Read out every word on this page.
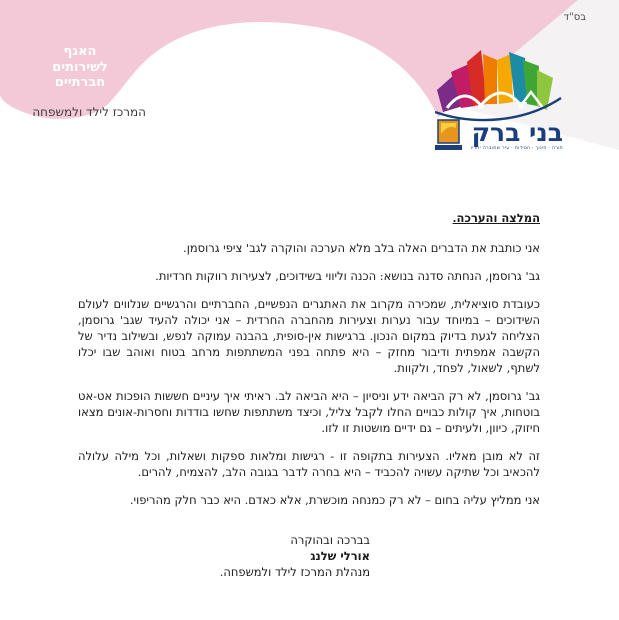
האגף
לשירותים
חברתיים
המרכז לילד ולמשפחה
בס"ד
בני ברק
תורה · חינוך · חסידות · עיר שחוברה יחדיו
המלצה והערכה.

אני כותבת את הדברים האלה בלב מלא הערכה והוקרה לגב' ציפי גרוסמן.

גב' גרוסמן, הנחתה סדנה בנושא: הכנה וליווי בשידוכים, לצעירות רווקות חרדיות.

כעובדת סוציאלית, שמכירה מקרוב את האתגרים הנפשיים, החברתיים והרגשיים שנלווים לעולם השידוכים – במיוחד עבור נערות וצעירות מהחברה החרדית – אני יכולה להעיד שגב' גרוסמן, הצליחה לגעת בדיוק במקום הנכון. ברגישות אין-סופית, בהבנה עמוקה לנפש, ובשילוב נדיר של הקשבה אמפתית ודיבור מחזק – היא פתחה בפני המשתתפות מרחב בטוח ואוהב שבו יכלו לשתף, לשאול, לפחד, ולקוות.

גב' גרוסמן, לא רק הביאה ידע וניסיון – היא הביאה לב. ראיתי איך עיניים חששות הופכות אט-אט בוטחות, איך קולות כבויים החלו לקבל צליל, וכיצד משתתפות שחשו בודדות וחסרות-אונים מצאו חיזוק, כיוון, ולעיתים – גם ידיים מושטות זו לזו.

זה לא מובן מאליו. הצעירות בתקופה זו - רגישות ומלאות ספקות ושאלות, וכל מילה עלולה להכאיב וכל שתיקה עשויה להכביד – היא בחרה לדבר בגובה הלב, להצמיח, להרים.

אני ממליץ עליה בחום – לא רק כמנחה מוכשרת, אלא כאדם. היא כבר חלק מהריפוי.

בברכה ובהוקרה
אורלי שלנג
מנהלת המרכז לילד ולמשפחה.
